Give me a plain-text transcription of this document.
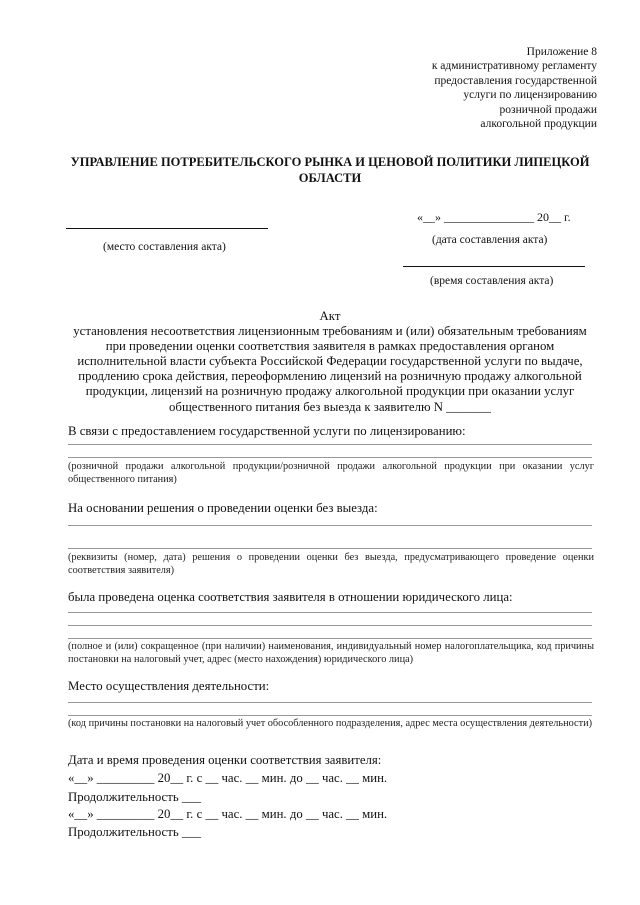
Приложение 8
к административному регламенту
предоставления государственной
услуги по лицензированию
розничной продажи
алкогольной продукции
УПРАВЛЕНИЕ ПОТРЕБИТЕЛЬСКОГО РЫНКА И ЦЕНОВОЙ ПОЛИТИКИ ЛИПЕЦКОЙ ОБЛАСТИ
(место составления акта)
«__» _______________ 20__ г.
(дата составления акта)
(время составления акта)
Акт
установления несоответствия лицензионным требованиям и (или) обязательным требованиям
при проведении оценки соответствия заявителя в рамках предоставления органом
исполнительной власти субъекта Российской Федерации государственной услуги по выдаче,
продлению срока действия, переоформлению лицензий на розничную продажу алкогольной
продукции, лицензий на розничную продажу алкогольной продукции при оказании услуг
общественного питания без выезда к заявителю N _______
В связи с предоставлением государственной услуги по лицензированию:
(розничной продажи алкогольной продукции/розничной продажи алкогольной продукции при оказании услуг общественного питания)
На основании решения о проведении оценки без выезда:
(реквизиты (номер, дата) решения о проведении оценки без выезда, предусматривающего проведение оценки соответствия заявителя)
была проведена оценка соответствия заявителя в отношении юридического лица:
(полное и (или) сокращенное (при наличии) наименования, индивидуальный номер налогоплательщика, код причины постановки на налоговый учет, адрес (место нахождения) юридического лица)
Место осуществления деятельности:
(код причины постановки на налоговый учет обособленного подразделения, адрес места осуществления деятельности)
Дата и время проведения оценки соответствия заявителя:
«__» _________ 20__ г. с __ час. __ мин. до __ час. __ мин.
Продолжительность ___
«__» _________ 20__ г. с __ час. __ мин. до __ час. __ мин.
Продолжительность ___
